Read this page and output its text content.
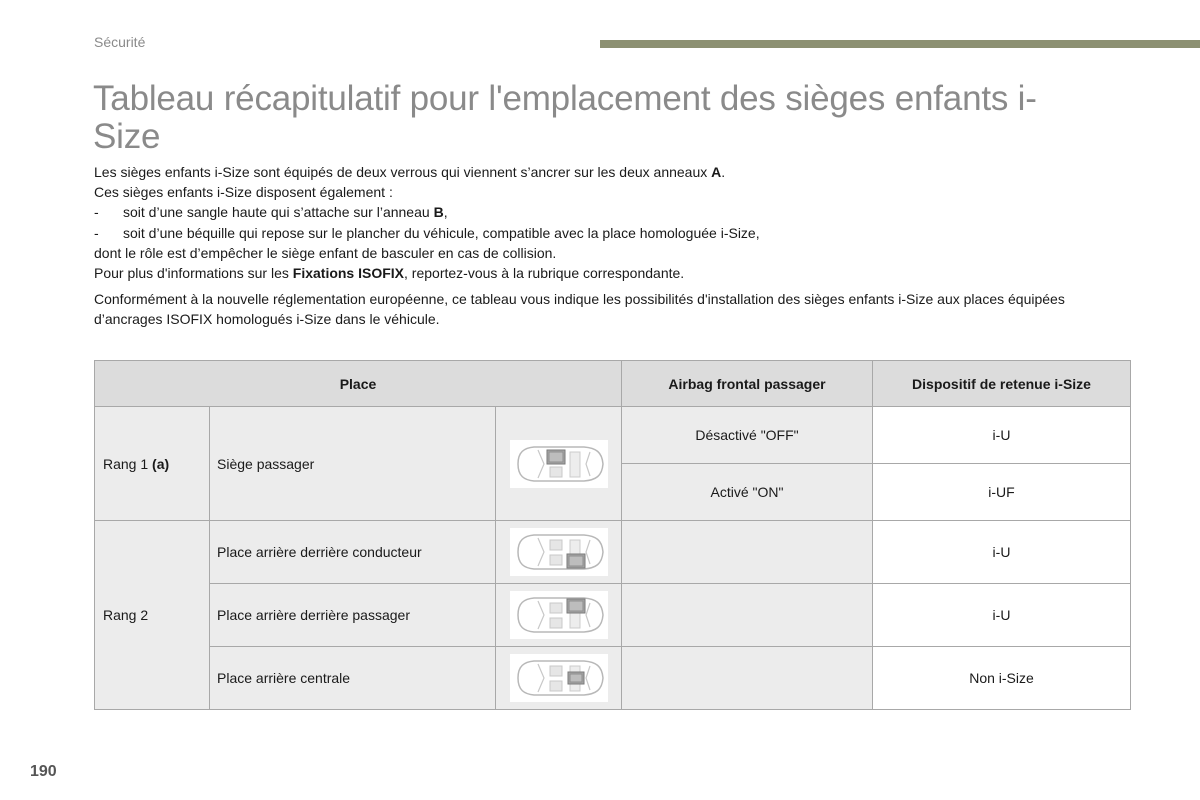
Sécurité
Tableau récapitulatif pour l'emplacement des sièges enfants i-Size

Les sièges enfants i-Size sont équipés de deux verrous qui viennent s’ancrer sur les deux anneaux A.

Ces sièges enfants i-Size disposent également :

-	soit d’une sangle haute qui s’attache sur l’anneau B,

-	soit d’une béquille qui repose sur le plancher du véhicule, compatible avec la place homologuée i-Size,

dont le rôle est d’empêcher le siège enfant de basculer en cas de collision.

Pour plus d'informations sur les Fixations ISOFIX, reportez-vous à la rubrique correspondante.

Conformément à la nouvelle réglementation européenne, ce tableau vous indique les possibilités d'installation des sièges enfants i-Size aux places équipées d’ancrages ISOFIX homologués i-Size dans le véhicule.

Place			Airbag frontal passager	Dispositif de retenue i-Size
Rang 1 (a)	Siège passager		Désactivé "OFF"	i-U
			Activé "ON"	i-UF
Rang 2	Place arrière derrière conducteur			i-U
	Place arrière derrière passager			i-U
	Place arrière centrale			Non i-Size
190
